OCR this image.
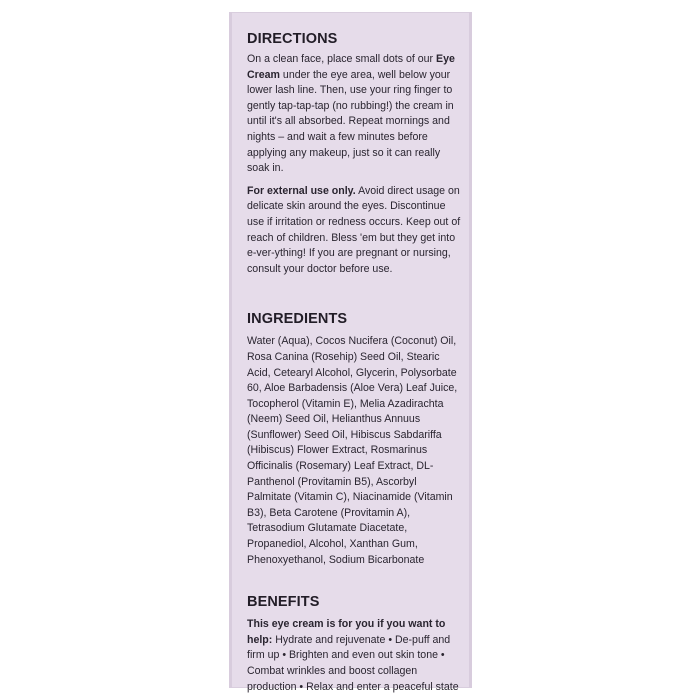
DIRECTIONS

On a clean face, place small dots of our Eye Cream under the eye area, well below your lower lash line. Then, use your ring finger to gently tap-tap-tap (no rubbing!) the cream in until it's all absorbed. Repeat mornings and nights – and wait a few minutes before applying any makeup, just so it can really soak in.

For external use only. Avoid direct usage on delicate skin around the eyes. Discontinue use if irritation or redness occurs. Keep out of reach of children. Bless 'em but they get into e-ver-ything! If you are pregnant or nursing, consult your doctor before use.

INGREDIENTS

Water (Aqua), Cocos Nucifera (Coconut) Oil, Rosa Canina (Rosehip) Seed Oil, Stearic Acid, Cetearyl Alcohol, Glycerin, Polysorbate 60, Aloe Barbadensis (Aloe Vera) Leaf Juice, Tocopherol (Vitamin E), Melia Azadirachta (Neem) Seed Oil, Helianthus Annuus (Sunflower) Seed Oil, Hibiscus Sabdariffa (Hibiscus) Flower Extract, Rosmarinus Officinalis (Rosemary) Leaf Extract, DL-Panthenol (Provitamin B5), Ascorbyl Palmitate (Vitamin C), Niacinamide (Vitamin B3), Beta Carotene (Provitamin A), Tetrasodium Glutamate Diacetate, Propanediol, Alcohol, Xanthan Gum, Phenoxyethanol, Sodium Bicarbonate

BENEFITS

This eye cream is for you if you want to help: Hydrate and rejuvenate • De-puff and firm up • Brighten and even out skin tone • Combat wrinkles and boost collagen production • Relax and enter a peaceful state
